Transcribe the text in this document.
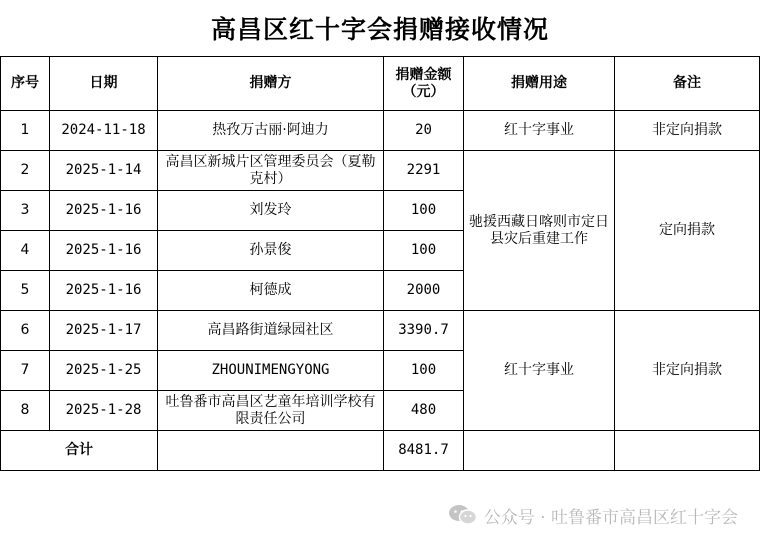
高昌区红十字会捐赠接收情况
序号	日期	捐赠方	捐赠金额（元）	捐赠用途	备注
1	2024-11-18	热孜万古丽·阿迪力	20	红十字事业	非定向捐款
2	2025-1-14	高昌区新城片区管理委员会（夏勒克村）	2291	驰援西藏日喀则市定日县灾后重建工作	定向捐款
3	2025-1-16	刘发玲	100		
4	2025-1-16	孙景俊	100		
5	2025-1-16	柯德成	2000		
6	2025-1-17	高昌路街道绿园社区	3390.7	红十字事业	非定向捐款
7	2025-1-25	ZHOUNIMENGYONG	100		
8	2025-1-28	吐鲁番市高昌区艺童年培训学校有限责任公司	480		
合计			8481.7		
公众号 · 吐鲁番市高昌区红十字会
